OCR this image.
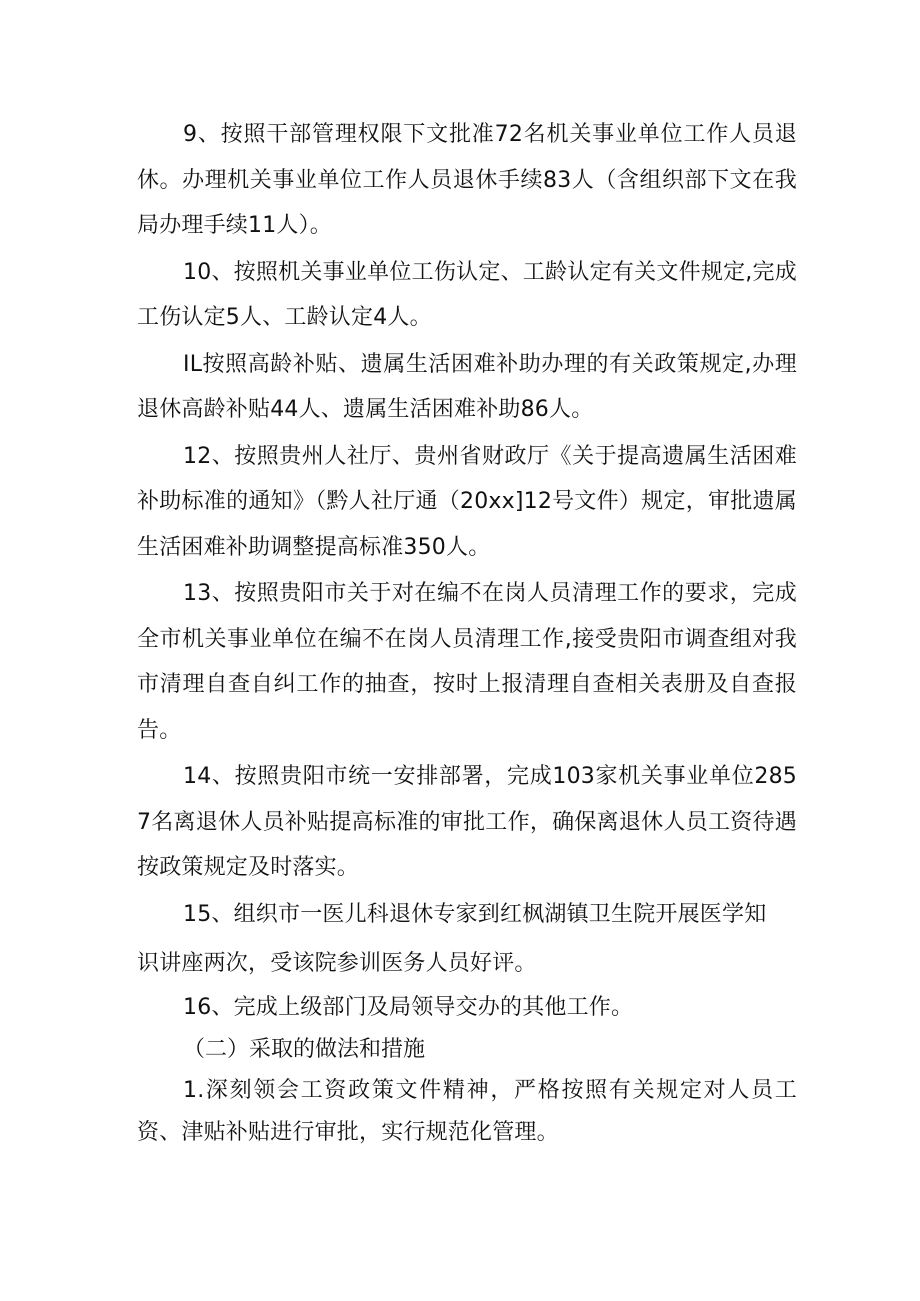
9、按照干部管理权限下文批准72名机关事业单位工作人员退休。办理机关事业单位工作人员退休手续83人（含组织部下文在我局办理手续11人）。

10、按照机关事业单位工伤认定、工龄认定有关文件规定,完成工伤认定5人、工龄认定4人。

IL按照高龄补贴、遗属生活困难补助办理的有关政策规定,办理退休高龄补贴44人、遗属生活困难补助86人。

12、按照贵州人社厅、贵州省财政厅《关于提高遗属生活困难补助标准的通知》（黔人社厅通（20xx]12号文件）规定，审批遗属生活困难补助调整提高标准350人。

13、按照贵阳市关于对在编不在岗人员清理工作的要求，完成全市机关事业单位在编不在岗人员清理工作,接受贵阳市调查组对我市清理自查自纠工作的抽查，按时上报清理自查相关表册及自查报告。

14、按照贵阳市统一安排部署，完成103家机关事业单位2857名离退休人员补贴提高标准的审批工作，确保离退休人员工资待遇按政策规定及时落实。

15、组织市一医儿科退休专家到红枫湖镇卫生院开展医学知
识讲座两次，受该院参训医务人员好评。

16、完成上级部门及局领导交办的其他工作。

（二）采取的做法和措施

1.深刻领会工资政策文件精神，严格按照有关规定对人员工资、津贴补贴进行审批，实行规范化管理。
